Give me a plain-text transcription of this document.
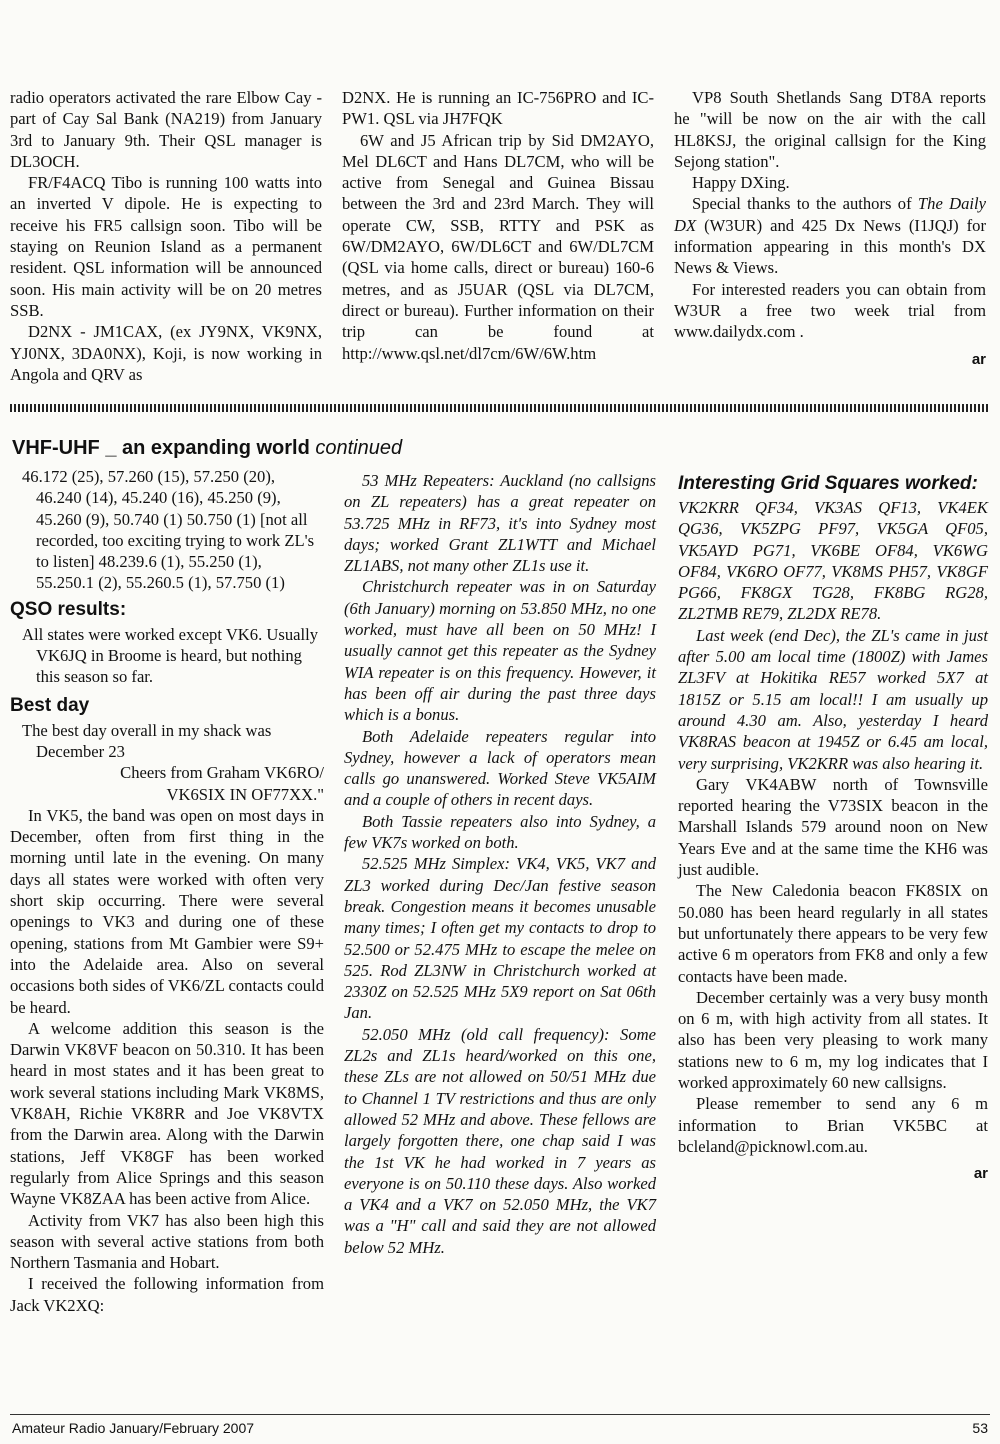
radio operators activated the rare Elbow Cay - part of Cay Sal Bank (NA219) from January 3rd to January 9th. Their QSL manager is DL3OCH.

FR/F4ACQ Tibo is running 100 watts into an inverted V dipole. He is expecting to receive his FR5 callsign soon. Tibo will be staying on Reunion Island as a permanent resident. QSL information will be announced soon. His main activity will be on 20 metres SSB.

D2NX - JM1CAX, (ex JY9NX, VK9NX, YJ0NX, 3DA0NX), Koji, is now working in Angola and QRV as

D2NX. He is running an IC-756PRO and IC-PW1. QSL via JH7FQK

6W and J5 African trip by Sid DM2AYO, Mel DL6CT and Hans DL7CM, who will be active from Senegal and Guinea Bissau between the 3rd and 23rd March. They will operate CW, SSB, RTTY and PSK as 6W/DM2AYO, 6W/DL6CT and 6W/DL7CM (QSL via home calls, direct or bureau) 160-6 metres, and as J5UAR (QSL via DL7CM, direct or bureau). Further information on their trip can be found at http://www.qsl.net/dl7cm/6W/6W.htm

VP8 South Shetlands Sang DT8A reports he "will be now on the air with the call HL8KSJ, the original callsign for the King Sejong station".

Happy DXing.

Special thanks to the authors of The Daily DX (W3UR) and 425 Dx News (I1JQJ) for information appearing in this month's DX News & Views.

For interested readers you can obtain from W3UR a free two week trial from www.dailydx.com .

ar
VHF-UHF _ an expanding world continued

46.172 (25), 57.260 (15), 57.250 (20), 46.240 (14), 45.240 (16), 45.250 (9), 45.260 (9), 50.740 (1) 50.750 (1) [not all recorded, too exciting trying to work ZL's to listen] 48.239.6 (1), 55.250 (1), 55.250.1 (2), 55.260.5 (1), 57.750 (1)

QSO results:

All states were worked except VK6. Usually VK6JQ in Broome is heard, but nothing this season so far.

Best day

The best day overall in my shack was December 23

Cheers from Graham VK6RO/

VK6SIX IN OF77XX."

In VK5, the band was open on most days in December, often from first thing in the morning until late in the evening. On many days all states were worked with often very short skip occurring. There were several openings to VK3 and during one of these opening, stations from Mt Gambier were S9+ into the Adelaide area. Also on several occasions both sides of VK6/ZL contacts could be heard.

A welcome addition this season is the Darwin VK8VF beacon on 50.310. It has been heard in most states and it has been great to work several stations including Mark VK8MS, VK8AH, Richie VK8RR and Joe VK8VTX from the Darwin area. Along with the Darwin stations, Jeff VK8GF has been worked regularly from Alice Springs and this season Wayne VK8ZAA has been active from Alice.

Activity from VK7 has also been high this season with several active stations from both Northern Tasmania and Hobart.

I received the following information from Jack VK2XQ:

53 MHz Repeaters: Auckland (no callsigns on ZL repeaters) has a great repeater on 53.725 MHz in RF73, it's into Sydney most days; worked Grant ZL1WTT and Michael ZL1ABS, not many other ZL1s use it.

Christchurch repeater was in on Saturday (6th January) morning on 53.850 MHz, no one worked, must have all been on 50 MHz! I usually cannot get this repeater as the Sydney WIA repeater is on this frequency. However, it has been off air during the past three days which is a bonus.

Both Adelaide repeaters regular into Sydney, however a lack of operators mean calls go unanswered. Worked Steve VK5AIM and a couple of others in recent days.

Both Tassie repeaters also into Sydney, a few VK7s worked on both.

52.525 MHz Simplex: VK4, VK5, VK7 and ZL3 worked during Dec/Jan festive season break. Congestion means it becomes unusable many times; I often get my contacts to drop to 52.500 or 52.475 MHz to escape the melee on 525. Rod ZL3NW in Christchurch worked at 2330Z on 52.525 MHz 5X9 report on Sat 06th Jan.

52.050 MHz (old call frequency): Some ZL2s and ZL1s heard/worked on this one, these ZLs are not allowed on 50/51 MHz due to Channel 1 TV restrictions and thus are only allowed 52 MHz and above. These fellows are largely forgotten there, one chap said I was the 1st VK he had worked in 7 years as everyone is on 50.110 these days. Also worked a VK4 and a VK7 on 52.050 MHz, the VK7 was a "H" call and said they are not allowed below 52 MHz.

Interesting Grid Squares worked:

VK2KRR QF34, VK3AS QF13, VK4EK QG36, VK5ZPG PF97, VK5GA QF05, VK5AYD PG71, VK6BE OF84, VK6WG OF84, VK6RO OF77, VK8MS PH57, VK8GF PG66, FK8GX TG28, FK8BG RG28, ZL2TMB RE79, ZL2DX RE78.

Last week (end Dec), the ZL's came in just after 5.00 am local time (1800Z) with James ZL3FV at Hokitika RE57 worked 5X7 at 1815Z or 5.15 am local!! I am usually up around 4.30 am. Also, yesterday I heard VK8RAS beacon at 1945Z or 6.45 am local, very surprising, VK2KRR was also hearing it.

Gary VK4ABW north of Townsville reported hearing the V73SIX beacon in the Marshall Islands 579 around noon on New Years Eve and at the same time the KH6 was just audible.

The New Caledonia beacon FK8SIX on 50.080 has been heard regularly in all states but unfortunately there appears to be very few active 6 m operators from FK8 and only a few contacts have been made.

December certainly was a very busy month on 6 m, with high activity from all states. It also has been very pleasing to work many stations new to 6 m, my log indicates that I worked approximately 60 new callsigns.

Please remember to send any 6 m information to Brian VK5BC at bcleland@picknowl.com.au.

ar
Amateur Radio January/February 2007	53
